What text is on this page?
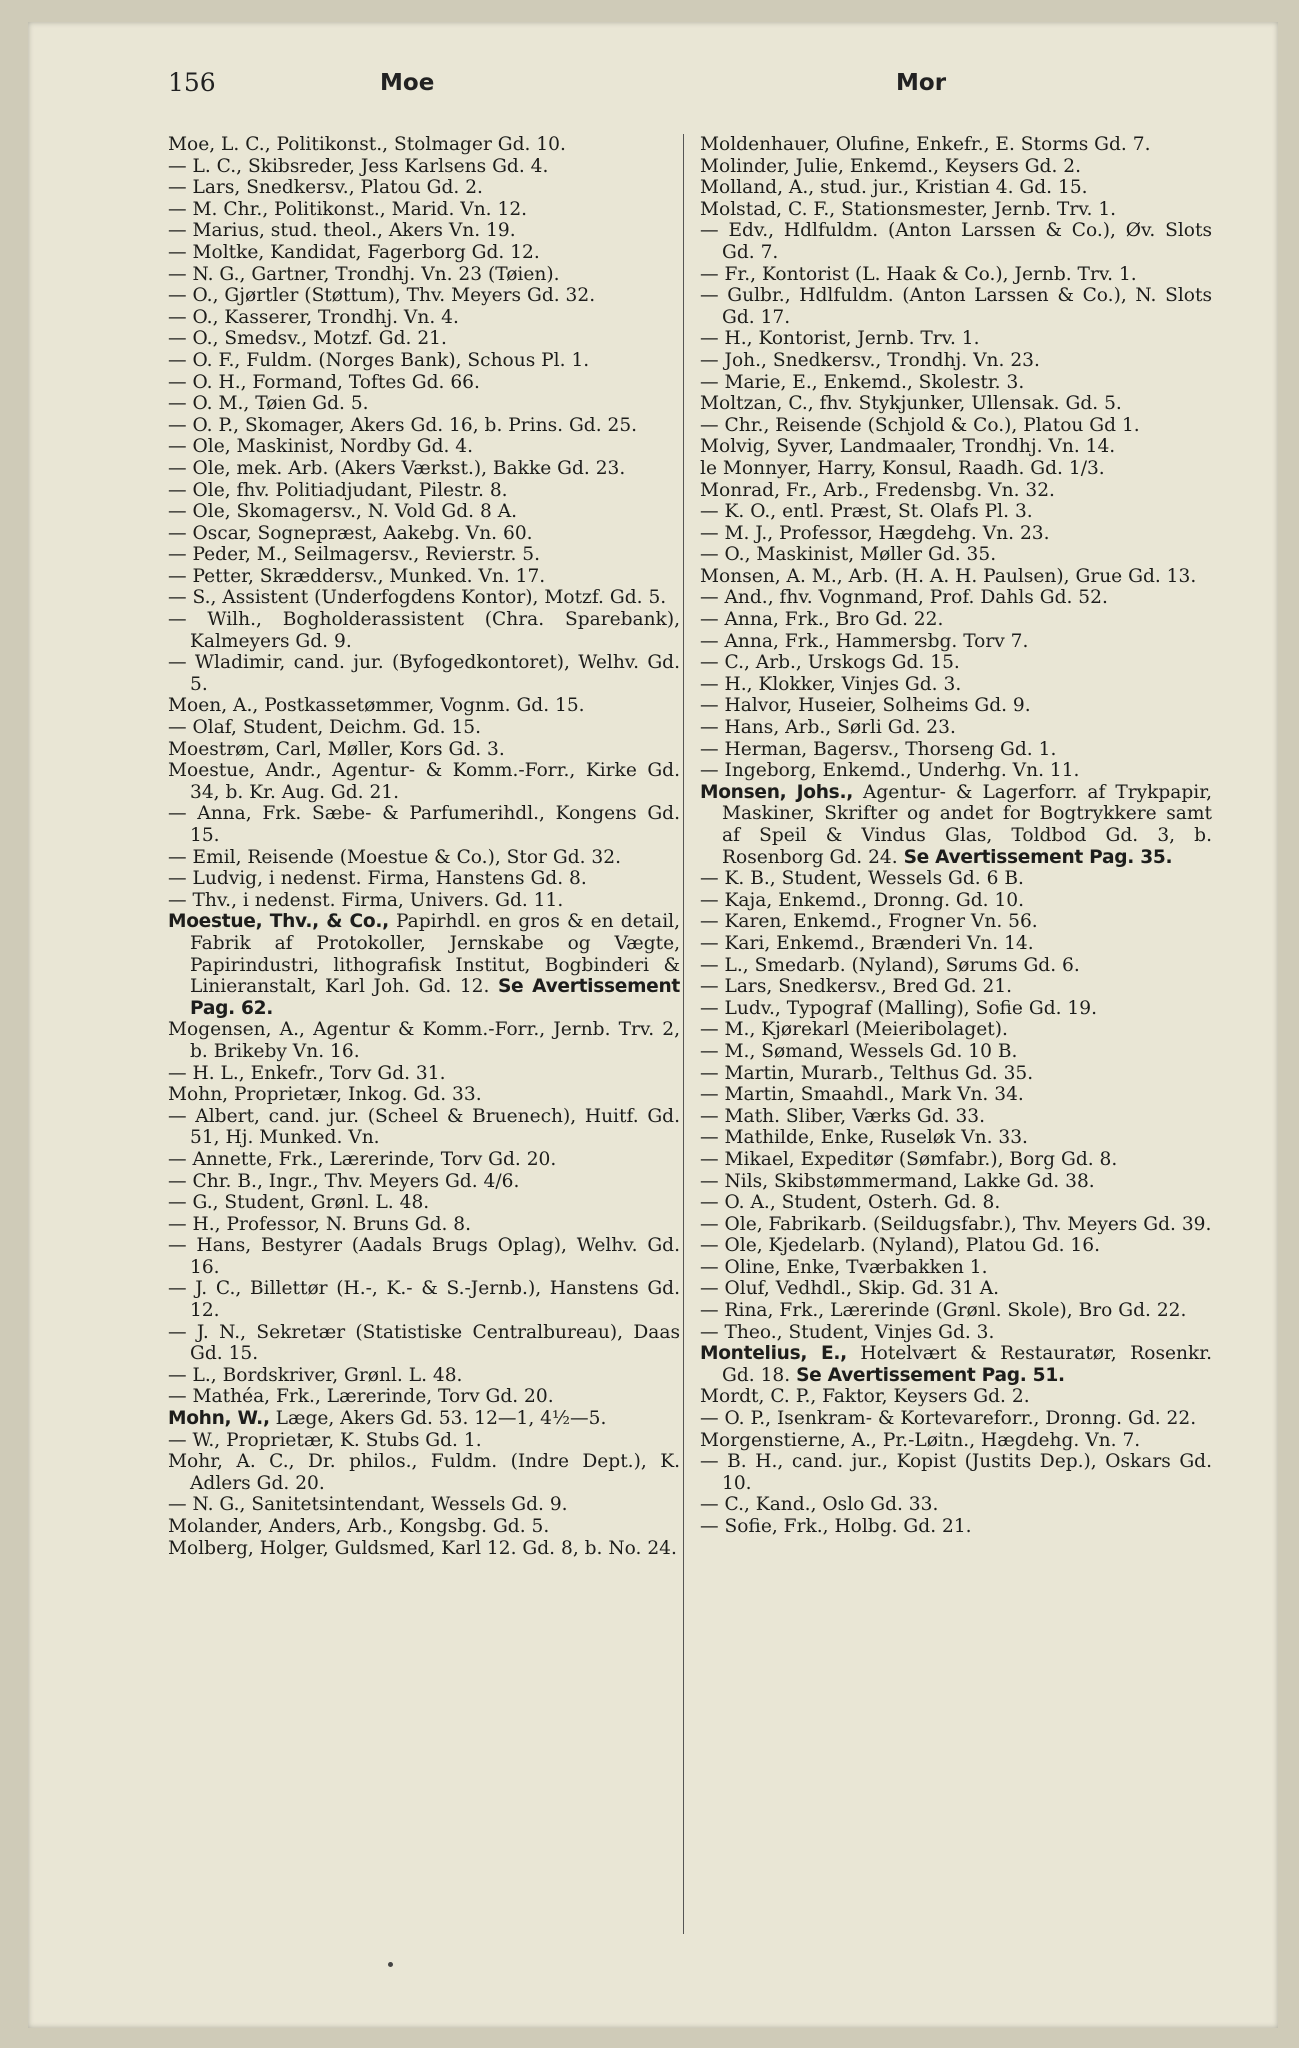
156	Moe	Mor

Moe, L. C., Politikonst., Stolmager Gd. 10.

— L. C., Skibsreder, Jess Karlsens Gd. 4.

— Lars, Snedkersv., Platou Gd. 2.

— M. Chr., Politikonst., Marid. Vn. 12.

— Marius, stud. theol., Akers Vn. 19.

— Moltke, Kandidat, Fagerborg Gd. 12.

— N. G., Gartner, Trondhj. Vn. 23 (Tøien).

— O., Gjørtler (Støttum), Thv. Meyers Gd. 32.

— O., Kasserer, Trondhj. Vn. 4.

— O., Smedsv., Motzf. Gd. 21.

— O. F., Fuldm. (Norges Bank), Schous Pl. 1.

— O. H., Formand, Toftes Gd. 66.

— O. M., Tøien Gd. 5.

— O. P., Skomager, Akers Gd. 16, b. Prins. Gd. 25.

— Ole, Maskinist, Nordby Gd. 4.

— Ole, mek. Arb. (Akers Værkst.), Bakke Gd. 23.

— Ole, fhv. Politiadjudant, Pilestr. 8.

— Ole, Skomagersv., N. Vold Gd. 8 A.

— Oscar, Sognepræst, Aakebg. Vn. 60.

— Peder, M., Seilmagersv., Revierstr. 5.

— Petter, Skræddersv., Munked. Vn. 17.

— S., Assistent (Underfogdens Kontor), Motzf. Gd. 5.

— Wilh., Bogholderassistent (Chra. Sparebank), Kalmeyers Gd. 9.

— Wladimir, cand. jur. (Byfogedkontoret), Welhv. Gd. 5.

Moen, A., Postkassetømmer, Vognm. Gd. 15.

— Olaf, Student, Deichm. Gd. 15.

Moestrøm, Carl, Møller, Kors Gd. 3.

Moestue, Andr., Agentur- & Komm.-Forr., Kirke Gd. 34, b. Kr. Aug. Gd. 21.

— Anna, Frk. Sæbe- & Parfumerihdl., Kongens Gd. 15.

— Emil, Reisende (Moestue & Co.), Stor Gd. 32.

— Ludvig, i nedenst. Firma, Hanstens Gd. 8.

— Thv., i nedenst. Firma, Univers. Gd. 11.

Moestue, Thv., & Co., Papirhdl. en gros & en detail, Fabrik af Protokoller, Jernskabe og Vægte, Papirindustri, lithografisk Institut, Bogbinderi & Linieranstalt, Karl Joh. Gd. 12. Se Avertissement Pag. 62.

Mogensen, A., Agentur & Komm.-Forr., Jernb. Trv. 2, b. Brikeby Vn. 16.

— H. L., Enkefr., Torv Gd. 31.

Mohn, Proprietær, Inkog. Gd. 33.

— Albert, cand. jur. (Scheel & Bruenech), Huitf. Gd. 51, Hj. Munked. Vn.

— Annette, Frk., Lærerinde, Torv Gd. 20.

— Chr. B., Ingr., Thv. Meyers Gd. 4/6.

— G., Student, Grønl. L. 48.

— H., Professor, N. Bruns Gd. 8.

— Hans, Bestyrer (Aadals Brugs Oplag), Welhv. Gd. 16.

— J. C., Billettør (H.-, K.- & S.-Jernb.), Hanstens Gd. 12.

— J. N., Sekretær (Statistiske Centralbureau), Daas Gd. 15.

— L., Bordskriver, Grønl. L. 48.

— Mathéa, Frk., Lærerinde, Torv Gd. 20.

Mohn, W., Læge, Akers Gd. 53. 12—1, 4½—5.

— W., Proprietær, K. Stubs Gd. 1.

Mohr, A. C., Dr. philos., Fuldm. (Indre Dept.), K. Adlers Gd. 20.

— N. G., Sanitetsintendant, Wessels Gd. 9.

Molander, Anders, Arb., Kongsbg. Gd. 5.

Molberg, Holger, Guldsmed, Karl 12. Gd. 8, b. No. 24.

Moldenhauer, Olufine, Enkefr., E. Storms Gd. 7.

Molinder, Julie, Enkemd., Keysers Gd. 2.

Molland, A., stud. jur., Kristian 4. Gd. 15.

Molstad, C. F., Stationsmester, Jernb. Trv. 1.

— Edv., Hdlfuldm. (Anton Larssen & Co.), Øv. Slots Gd. 7.

— Fr., Kontorist (L. Haak & Co.), Jernb. Trv. 1.

— Gulbr., Hdlfuldm. (Anton Larssen & Co.), N. Slots Gd. 17.

— H., Kontorist, Jernb. Trv. 1.

— Joh., Snedkersv., Trondhj. Vn. 23.

— Marie, E., Enkemd., Skolestr. 3.

Moltzan, C., fhv. Stykjunker, Ullensak. Gd. 5.

— Chr., Reisende (Schjold & Co.), Platou Gd 1.

Molvig, Syver, Landmaaler, Trondhj. Vn. 14.

le Monnyer, Harry, Konsul, Raadh. Gd. 1/3.

Monrad, Fr., Arb., Fredensbg. Vn. 32.

— K. O., entl. Præst, St. Olafs Pl. 3.

— M. J., Professor, Hægdehg. Vn. 23.

— O., Maskinist, Møller Gd. 35.

Monsen, A. M., Arb. (H. A. H. Paulsen), Grue Gd. 13.

— And., fhv. Vognmand, Prof. Dahls Gd. 52.

— Anna, Frk., Bro Gd. 22.

— Anna, Frk., Hammersbg. Torv 7.

— C., Arb., Urskogs Gd. 15.

— H., Klokker, Vinjes Gd. 3.

— Halvor, Huseier, Solheims Gd. 9.

— Hans, Arb., Sørli Gd. 23.

— Herman, Bagersv., Thorseng Gd. 1.

— Ingeborg, Enkemd., Underhg. Vn. 11.

Monsen, Johs., Agentur- & Lagerforr. af Trykpapir, Maskiner, Skrifter og andet for Bogtrykkere samt af Speil & Vindus Glas, Toldbod Gd. 3, b. Rosenborg Gd. 24. Se Avertissement Pag. 35.

— K. B., Student, Wessels Gd. 6 B.

— Kaja, Enkemd., Dronng. Gd. 10.

— Karen, Enkemd., Frogner Vn. 56.

— Kari, Enkemd., Brænderi Vn. 14.

— L., Smedarb. (Nyland), Sørums Gd. 6.

— Lars, Snedkersv., Bred Gd. 21.

— Ludv., Typograf (Malling), Sofie Gd. 19.

— M., Kjørekarl (Meieribolaget).

— M., Sømand, Wessels Gd. 10 B.

— Martin, Murarb., Telthus Gd. 35.

— Martin, Smaahdl., Mark Vn. 34.

— Math. Sliber, Værks Gd. 33.

— Mathilde, Enke, Ruseløk Vn. 33.

— Mikael, Expeditør (Sømfabr.), Borg Gd. 8.

— Nils, Skibstømmermand, Lakke Gd. 38.

— O. A., Student, Osterh. Gd. 8.

— Ole, Fabrikarb. (Seildugsfabr.), Thv. Meyers Gd. 39.

— Ole, Kjedelarb. (Nyland), Platou Gd. 16.

— Oline, Enke, Tværbakken 1.

— Oluf, Vedhdl., Skip. Gd. 31 A.

— Rina, Frk., Lærerinde (Grønl. Skole), Bro Gd. 22.

— Theo., Student, Vinjes Gd. 3.

Montelius, E., Hotelvært & Restauratør, Rosenkr. Gd. 18. Se Avertissement Pag. 51.

Mordt, C. P., Faktor, Keysers Gd. 2.

— O. P., Isenkram- & Kortevareforr., Dronng. Gd. 22.

Morgenstierne, A., Pr.-Løitn., Hægdehg. Vn. 7.

— B. H., cand. jur., Kopist (Justits Dep.), Oskars Gd. 10.

— C., Kand., Oslo Gd. 33.

— Sofie, Frk., Holbg. Gd. 21.
